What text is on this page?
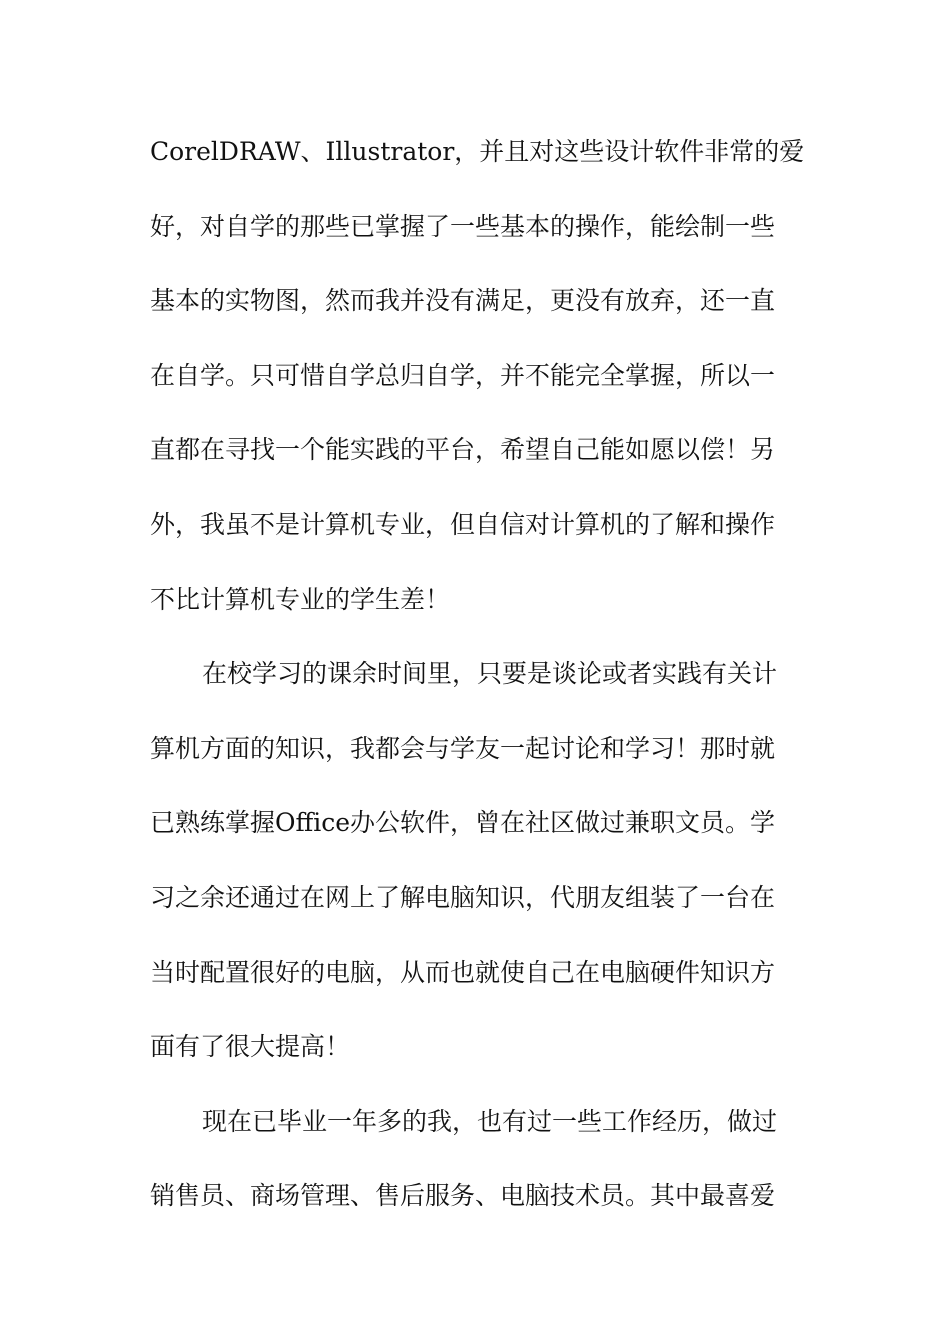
CorelDRAW、Illustrator，并且对这些设计软件非常的爱
好，对自学的那些已掌握了一些基本的操作，能绘制一些
基本的实物图，然而我并没有满足，更没有放弃，还一直
在自学。只可惜自学总归自学，并不能完全掌握，所以一
直都在寻找一个能实践的平台，希望自己能如愿以偿！另
外，我虽不是计算机专业，但自信对计算机的了解和操作
不比计算机专业的学生差！
在校学习的课余时间里，只要是谈论或者实践有关计
算机方面的知识，我都会与学友一起讨论和学习！那时就
已熟练掌握Office办公软件，曾在社区做过兼职文员。学
习之余还通过在网上了解电脑知识，代朋友组装了一台在
当时配置很好的电脑，从而也就使自己在电脑硬件知识方
面有了很大提高！
现在已毕业一年多的我，也有过一些工作经历，做过
销售员、商场管理、售后服务、电脑技术员。其中最喜爱
